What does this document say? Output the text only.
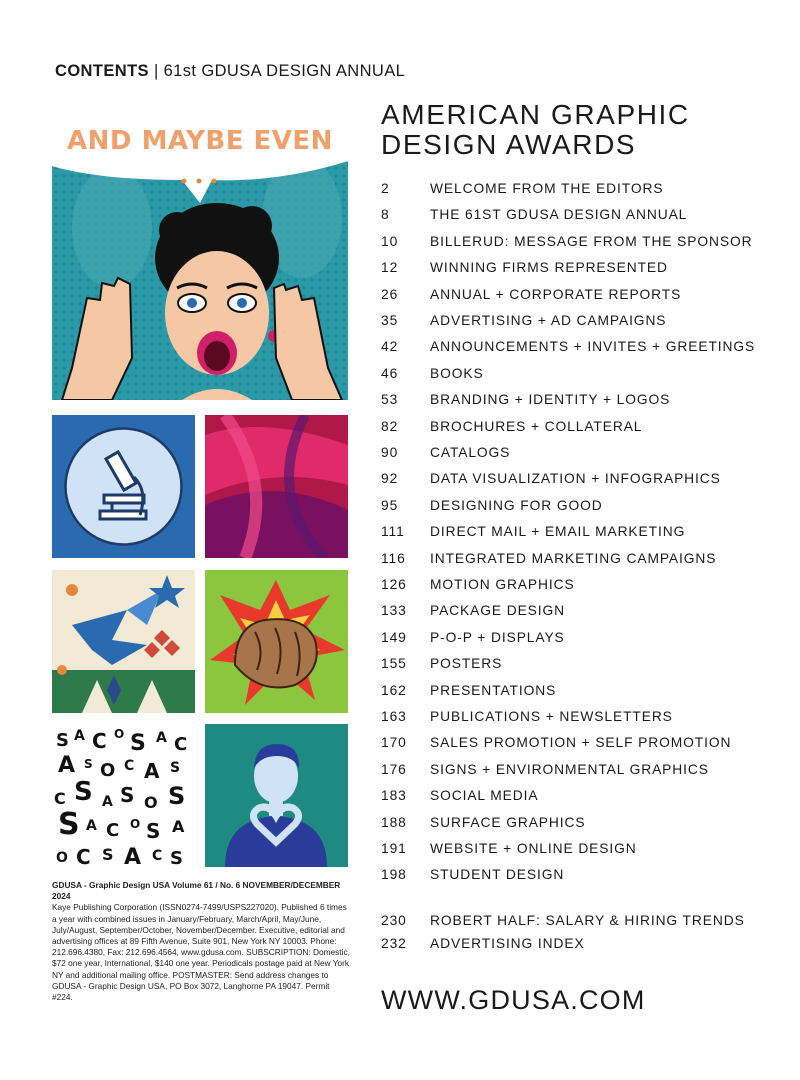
CONTENTS | 61st GDUSA DESIGN ANNUAL
AND MAYBE EVEN
S A C O S A C
A S O C A S
C S A S O S
S A C O S A
O C S A C S
GDUSA - Graphic Design USA Volume 61 / No. 6 NOVEMBER/DECEMBER 2024
Kaye Publishing Corporation (ISSN0274-7499/USPS227020). Published 6 times a year with combined issues in January/February, March/April, May/June, July/August, September/October, November/December. Executive, editorial and advertising offices at 89 Fifth Avenue, Suite 901, New York NY 10003. Phone: 212.696.4380, Fax: 212.696.4564, www.gdusa.com. SUBSCRIPTION: Domestic, $72 one year, International, $140 one year. Periodicals postage paid at New York NY and additional mailing office. POSTMASTER: Send address changes to GDUSA - Graphic Design USA, PO Box 3072, Langhorne PA 19047. Permit #224.
AMERICAN GRAPHIC
DESIGN AWARDS
2	WELCOME FROM THE EDITORS
8	THE 61ST GDUSA DESIGN ANNUAL
10 BILLERUD: MESSAGE FROM THE SPONSOR
12 WINNING FIRMS REPRESENTED
26 ANNUAL + CORPORATE REPORTS
35 ADVERTISING + AD CAMPAIGNS
42 ANNOUNCEMENTS + INVITES + GREETINGS
46 BOOKS
53 BRANDING + IDENTITY + LOGOS
82 BROCHURES + COLLATERAL
90 CATALOGS
92 DATA VISUALIZATION + INFOGRAPHICS
95 DESIGNING FOR GOOD
111 DIRECT MAIL + EMAIL MARKETING
116 INTEGRATED MARKETING CAMPAIGNS
126 MOTION GRAPHICS
133 PACKAGE DESIGN
149 P-O-P + DISPLAYS
155 POSTERS
162 PRESENTATIONS
163 PUBLICATIONS + NEWSLETTERS
170 SALES PROMOTION + SELF PROMOTION
176 SIGNS + ENVIRONMENTAL GRAPHICS
183 SOCIAL MEDIA
188 SURFACE GRAPHICS
191 WEBSITE + ONLINE DESIGN
198 STUDENT DESIGN
230 ROBERT HALF: SALARY & HIRING TRENDS
232 ADVERTISING INDEX
WWW.GDUSA.COM
